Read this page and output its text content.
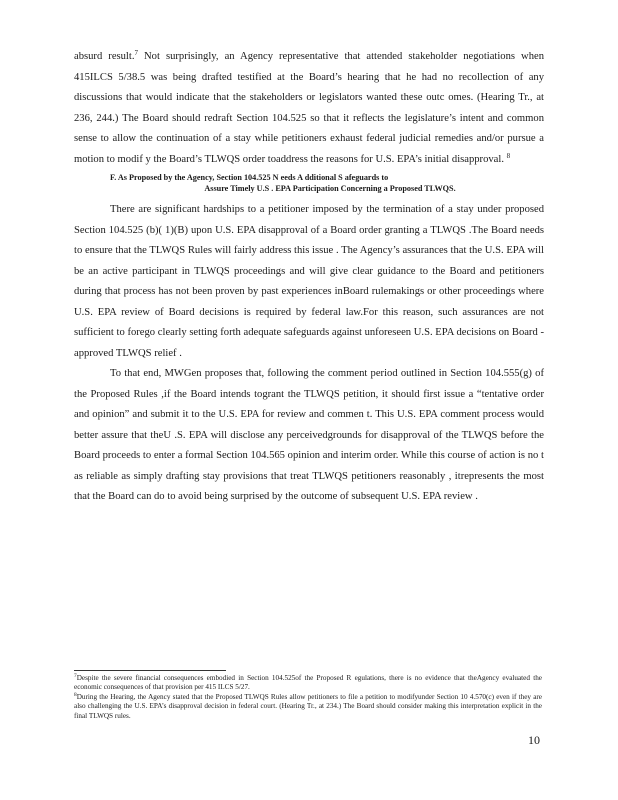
absurd result.$^7$ Not surprisingly, an Agency representative that attended stakeholder negotiations when 415ILCS 5/38.5 was being drafted testified at the Board’s hearing that he had no recollection of any discussions that would indicate that the stakeholders or legislators wanted these outc omes. (Hearing Tr., at 236, 244.) The Board should redraft Section 104.525 so that it reflects the legislature’s intent and common sense to allow the continuation of a stay while petitioners exhaust federal judicial remedies and/or pursue a motion to modif y the Board’s TLWQS order toaddress the reasons for U.S. EPA’s initial disapproval. $^8$

F. As Proposed by the Agency, Section 104.525 N eeds A dditional S afeguards to
Assure Timely U.S . EPA Participation Concerning a Proposed TLWQS.

There are significant hardships to a petitioner imposed by the termination of a stay under proposed Section 104.525 (b)( 1)(B) upon U.S. EPA disapproval of a Board order granting a TLWQS .The Board needs to ensure that the TLWQS Rules will fairly address this issue . The Agency’s assurances that the U.S. EPA will be an active participant in TLWQS proceedings and will give clear guidance to the Board and petitioners during that process has not been proven by past experiences inBoard rulemakings or other proceedings where U.S. EPA review of Board decisions is required by federal law.For this reason, such assurances are not sufficient to forego clearly setting forth adequate safeguards against unforeseen U.S. EPA decisions on Board - approved TLWQS relief .

To that end, MWGen proposes that, following the comment period outlined in Section 104.555(g) of the Proposed Rules ,if the Board intends togrant the TLWQS petition, it should first issue a “tentative order and opinion” and submit it to the U.S. EPA for review and commen t. This U.S. EPA comment process would better assure that theU .S. EPA will disclose any perceivedgrounds for disapproval of the TLWQS before the Board proceeds to enter a formal Section 104.565 opinion and interim order. While this course of action is no t as reliable as simply drafting stay provisions that treat TLWQS petitioners reasonably , itrepresents the most that the Board can do to avoid being surprised by the outcome of subsequent U.S. EPA review .

$^7$Despite the severe financial consequences embodied in Section 104.525of the Proposed R egulations, there is no evidence that theAgency evaluated the economic consequences of that provision per 415 ILCS 5/27.

$^8$During the Hearing, the Agency stated that the Proposed TLWQS Rules allow petitioners to file a petition to modifyunder Section 10 4.570(c) even if they are also challenging the U.S. EPA’s disapproval decision in federal court. (Hearing Tr., at 234.) The Board should consider making this interpretation explicit in the final TLWQS rules.

10
